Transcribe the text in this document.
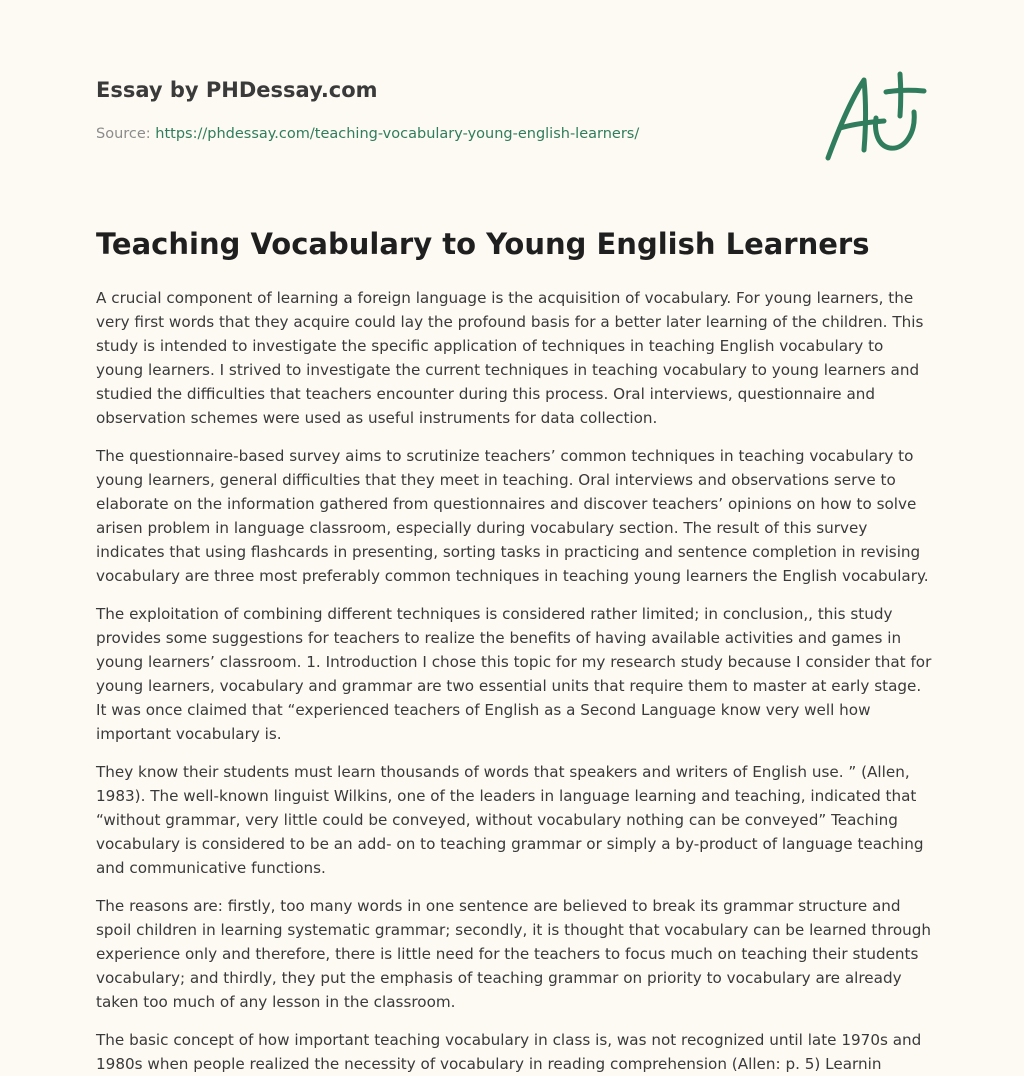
Essay by PHDessay.com
Source: https://phdessay.com/teaching-vocabulary-young-english-learners/
Teaching Vocabulary to Young English Learners

A crucial component of learning a foreign language is the acquisition of vocabulary. For young learners, the very first words that they acquire could lay the profound basis for a better later learning of the children. This study is intended to investigate the specific application of techniques in teaching English vocabulary to young learners. I strived to investigate the current techniques in teaching vocabulary to young learners and studied the difficulties that teachers encounter during this process. Oral interviews, questionnaire and observation schemes were used as useful instruments for data collection.

The questionnaire-based survey aims to scrutinize teachers’ common techniques in teaching vocabulary to young learners, general difficulties that they meet in teaching. Oral interviews and observations serve to elaborate on the information gathered from questionnaires and discover teachers’ opinions on how to solve arisen problem in language classroom, especially during vocabulary section. The result of this survey indicates that using flashcards in presenting, sorting tasks in practicing and sentence completion in revising vocabulary are three most preferably common techniques in teaching young learners the English vocabulary.

The exploitation of combining different techniques is considered rather limited; in conclusion,, this study provides some suggestions for teachers to realize the benefits of having available activities and games in young learners’ classroom. 1. Introduction I chose this topic for my research study because I consider that for young learners, vocabulary and grammar are two essential units that require them to master at early stage. It was once claimed that “experienced teachers of English as a Second Language know very well how important vocabulary is.

They know their students must learn thousands of words that speakers and writers of English use. ” (Allen, 1983). The well-known linguist Wilkins, one of the leaders in language learning and teaching, indicated that “without grammar, very little could be conveyed, without vocabulary nothing can be conveyed” Teaching vocabulary is considered to be an add- on to teaching grammar or simply a by-product of language teaching and communicative functions.

The reasons are: firstly, too many words in one sentence are believed to break its grammar structure and spoil children in learning systematic grammar; secondly, it is thought that vocabulary can be learned through experience only and therefore, there is little need for the teachers to focus much on teaching their students vocabulary; and thirdly, they put the emphasis of teaching grammar on priority to vocabulary are already taken too much of any lesson in the classroom.

The basic concept of how important teaching vocabulary in class is, was not recognized until late 1970s and 1980s when people realized the necessity of vocabulary in reading comprehension (Allen: p. 5) Learnin
